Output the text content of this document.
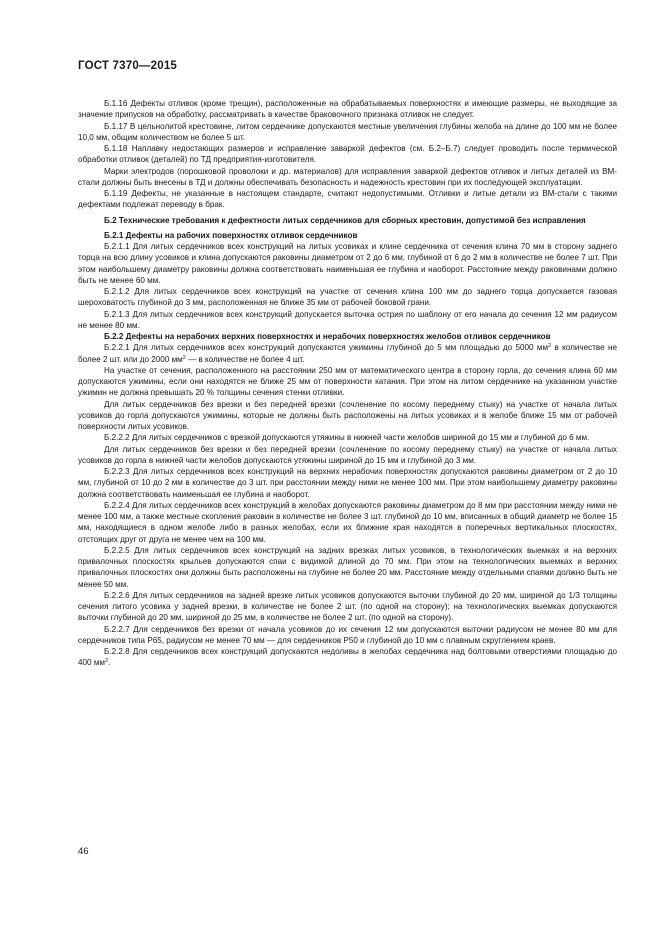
ГОСТ 7370—2015

Б.1.16 Дефекты отливок (кроме трещин), расположенные на обрабатываемых поверхностях и имеющие размеры, не выходящие за значение припусков на обработку, рассматривать в качестве браковочного признака отливок не следует.

Б.1.17 В цельнолитой крестовине, литом сердечнике допускаются местные увеличения глубины желоба на длине до 100 мм не более 10,0 мм, общим количеством не более 5 шт.

Б.1.18 Наплавку недостающих размеров и исправление заваркой дефектов (см. Б.2–Б.7) следует проводить после термической обработки отливок (деталей) по ТД предприятия-изготовителя.

Марки электродов (порошковой проволоки и др. материалов) для исправления заваркой дефектов отливок и литых деталей из ВМ-стали должны быть внесены в ТД и должны обеспечивать безопасность и надежность крестовин при их последующей эксплуатации.

Б.1.19 Дефекты, не указанные в настоящем стандарте, считают недопустимыми. Отливки и литые детали из ВМ-стали с такими дефектами подлежат переводу в брак.

Б.2 Технические требования к дефектности литых сердечников для сборных крестовин, допустимой без исправления

Б.2.1 Дефекты на рабочих поверхностях отливок сердечников

Б.2.1.1 Для литых сердечников всех конструкций на литых усовиках и клине сердечника от сечения клина 70 мм в сторону заднего торца на всю длину усовиков и клина допускаются раковины диаметром от 2 до 6 мм, глубиной от 6 до 2 мм в количестве не более 7 шт. При этом наибольшему диаметру раковины должна соответствовать наименьшая ее глубина и наоборот. Расстояние между раковинами должно быть не менее 60 мм.

Б.2.1.2 Для литых сердечников всех конструкций на участке от сечения клина 100 мм до заднего торца допускается газовая шероховатость глубиной до 3 мм, расположенная не ближе 35 мм от рабочей боковой грани.

Б.2.1.3 Для литых сердечников всех конструкций допускается выточка острия по шаблону от его начала до сечения 12 мм радиусом не менее 80 мм.

Б.2.2 Дефекты на нерабочих верхних поверхностях и нерабочих поверхностях желобов отливок сердечников

Б.2.2.1 Для литых сердечников всех конструкций допускаются ужимины глубиной до 5 мм площадью до 5000 $мм^2$ в количестве не более 2 шт. или до 2000 $мм^2$ — в количестве не более 4 шт.

На участке от сечения, расположенного на расстоянии 250 мм от математического центра в сторону горла, до сечения клина 60 мм допускаются ужимины, если они находятся не ближе 25 мм от поверхности катания. При этом на литом сердечнике на указанном участке ужимин не должна превышать 20 % толщины сечения стенки отливки.

Для литых сердечников без врезки и без передней врезки (сочленение по косому переднему стыку) на участке от начала литых усовиков до горла допускаются ужимины, которые не должны быть расположены на литых усовиках и в желобе ближе 15 мм от рабочей поверхности литых усовиков.

Б.2.2.2 Для литых сердечников с врезкой допускаются утяжины в нижней части желобов шириной до 15 мм и глубиной до 6 мм.

Для литых сердечников без врезки и без передней врезки (сочленение по косому переднему стыку) на участке от начала литых усовиков до горла в нижней части желобов допускаются утяжины шириной до 15 мм и глубиной до 3 мм.

Б.2.2.3 Для литых сердечников всех конструкций на верхних нерабочих поверхностях допускаются раковины диаметром от 2 до 10 мм, глубиной от 10 до 2 мм в количестве до 3 шт. при расстоянии между ними не менее 100 мм. При этом наибольшему диаметру раковины должна соответствовать наименьшая ее глубина и наоборот.

Б.2.2.4 Для литых сердечников всех конструкций в желобах допускаются раковины диаметром до 8 мм при расстоянии между ними не менее 100 мм, а также местные скопления раковин в количестве не более 3 шт. глубиной до 10 мм, вписанных в общий диаметр не более 15 мм, находящиеся в одном желобе либо в разных желобах, если их ближние края находятся в поперечных вертикальных плоскостях, отстоящих друг от друга не менее чем на 100 мм.

Б.2.2.5 Для литых сердечников всех конструкций на задних врезках литых усовиков, в технологических выемках и на верхних привалочных плоскостях крыльев допускаются спаи с видимой длиной до 70 мм. При этом на технологических выемках и верхних привалочных плоскостях они должны быть расположены на глубине не более 20 мм. Расстояние между отдельными спаями должно быть не менее 50 мм.

Б.2.2.6 Для литых сердечников на задней врезке литых усовиков допускаются выточки глубиной до 20 мм, шириной до 1/3 толщины сечения литого усовика у задней врезки, в количестве не более 2 шт. (по одной на сторону); на технологических выемках допускаются выточки глубиной до 20 мм, шириной до 25 мм, в количестве не более 2 шт. (по одной на сторону).

Б.2.2.7 Для сердечников без врезки от начала усовиков до их сечения 12 мм допускаются выточки радиусом не менее 80 мм для сердечников типа Р65, радиусом не менее 70 мм — для сердечников Р50 и глубиной до 10 мм с плавным скруглением краев.

Б.2.2.8 Для сердечников всех конструкций допускаются недоливы в желобах сердечника над болтовыми отверстиями площадью до 400 $мм^2$.

46
